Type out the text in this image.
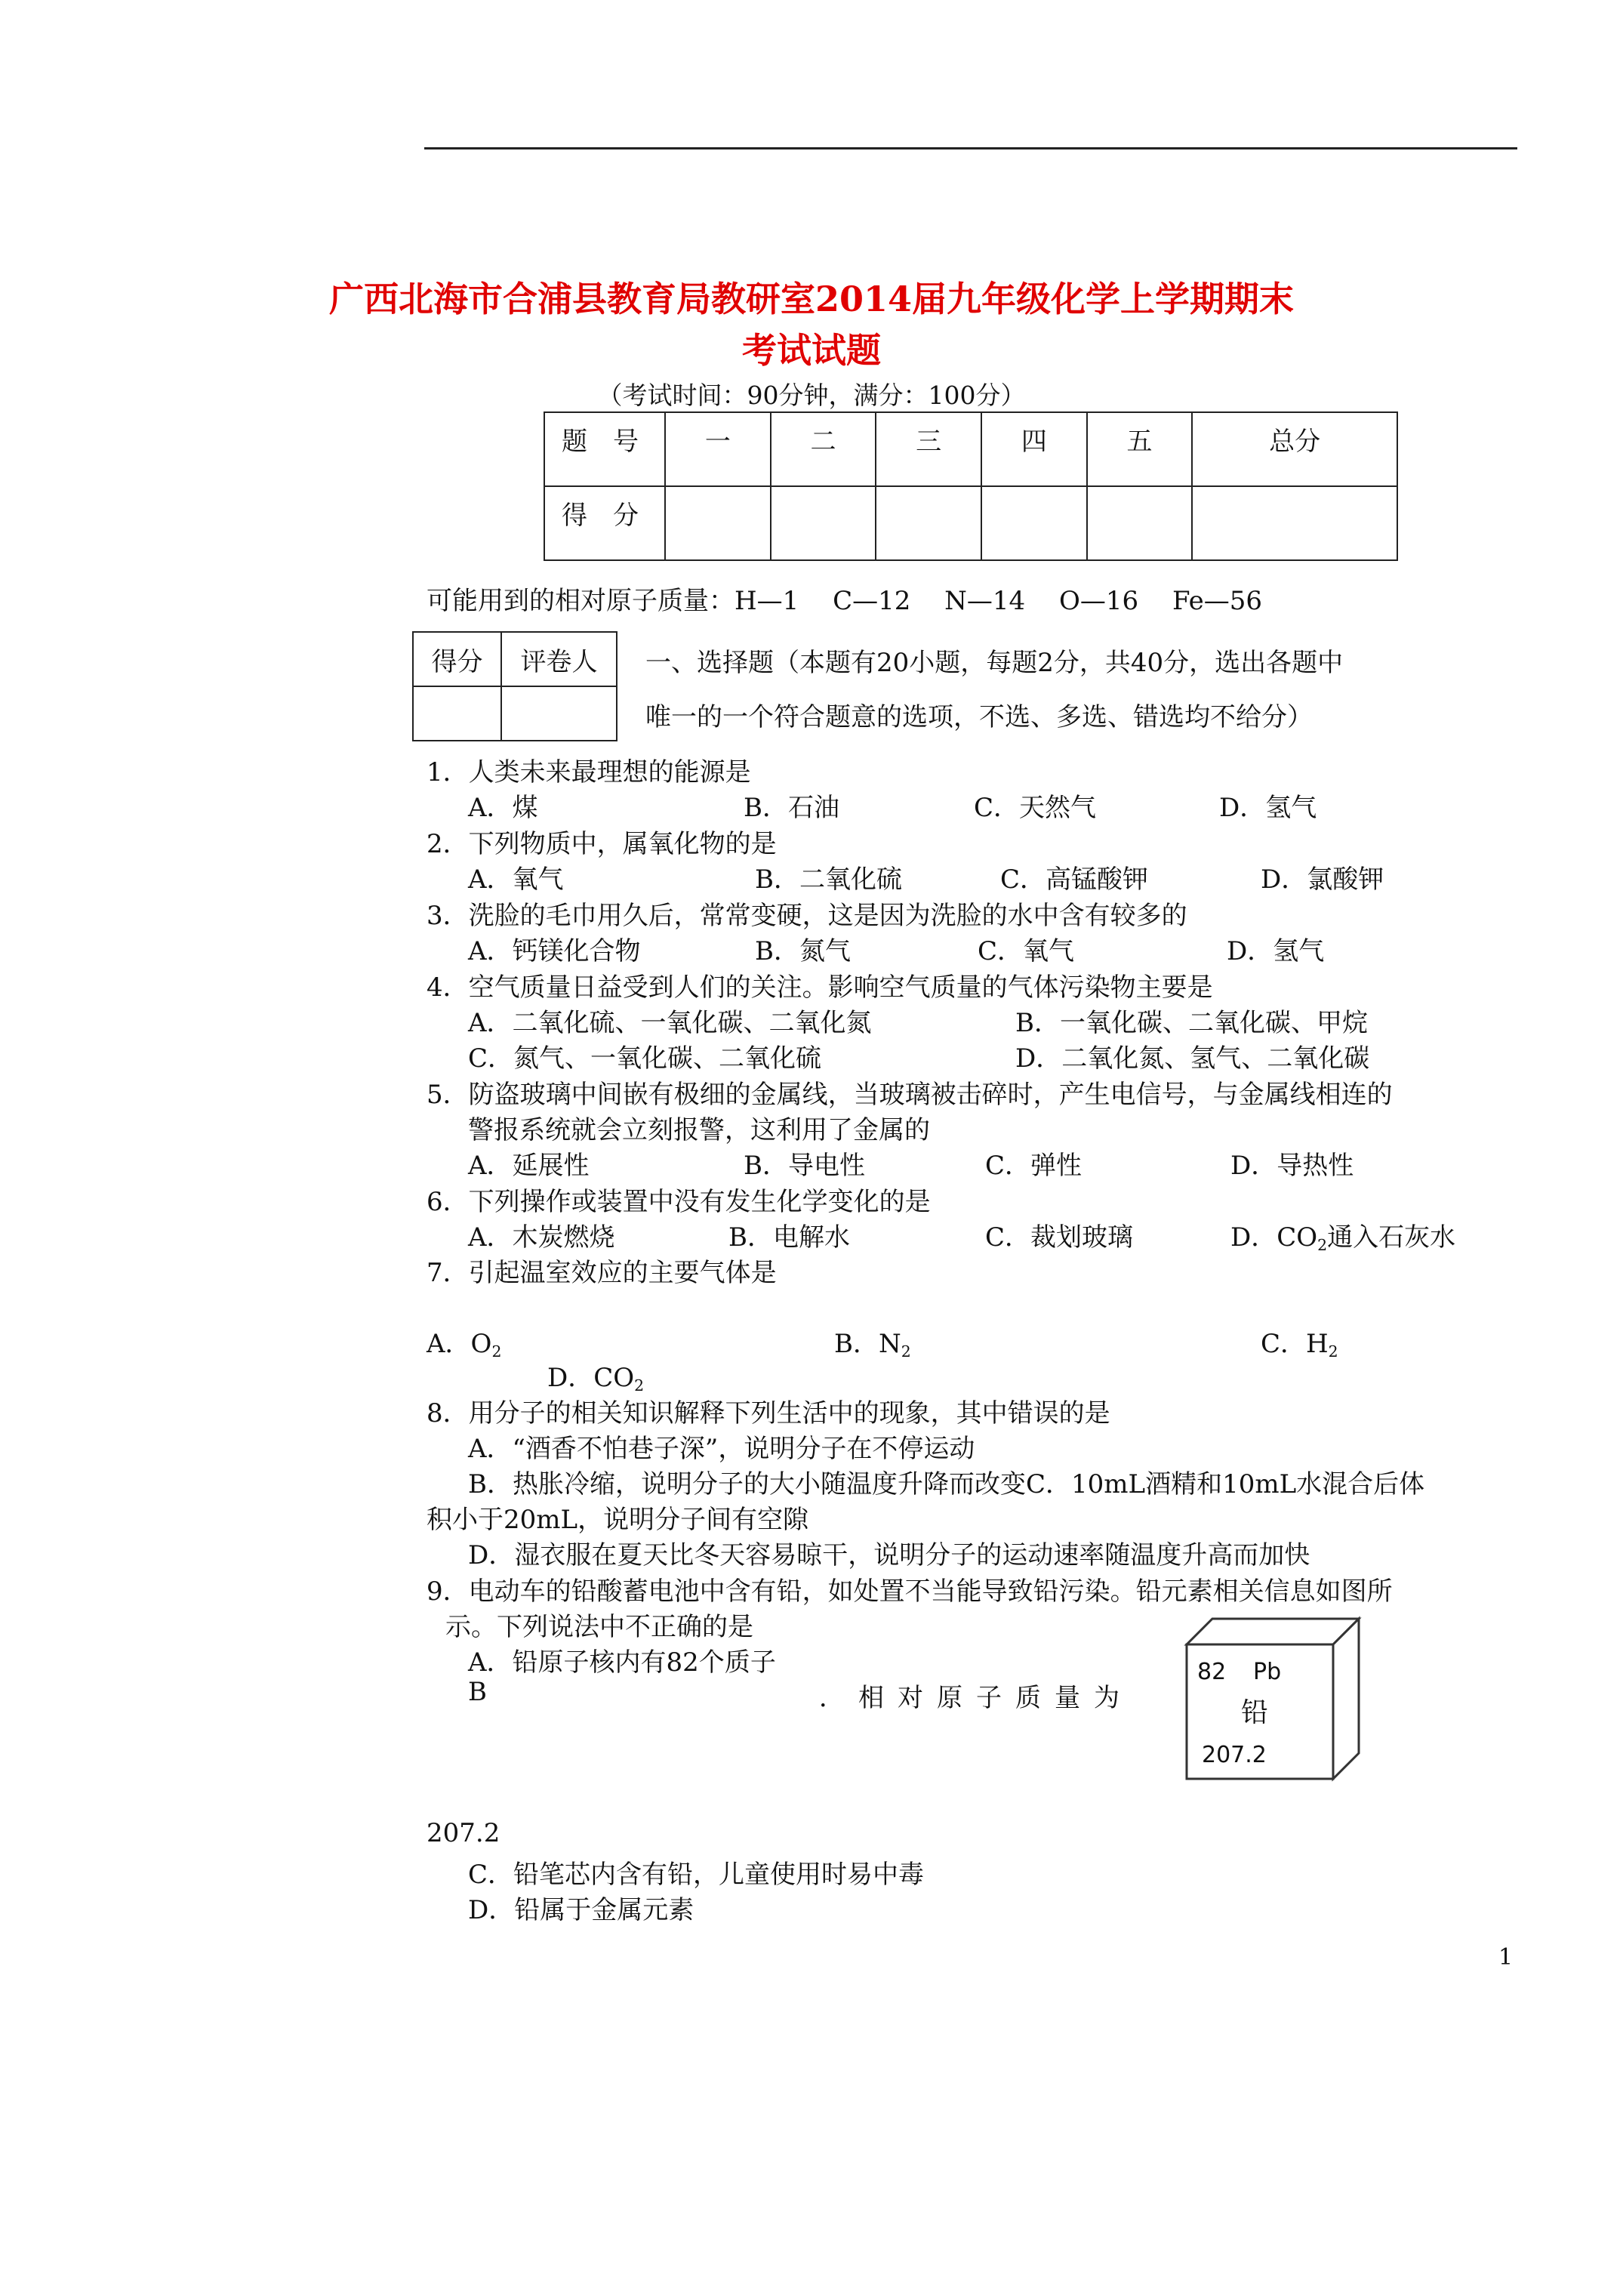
广西北海市合浦县教育局教研室2014届九年级化学上学期期末
考试试题
（考试时间：90分钟，满分：100分）
题　号	一	二	三	四	五	总分
得　分						
可能用到的相对原子质量：H—1　 C—12　 N—14　 O—16　 Fe—56
得分	评卷人
	一、选择题（本题有20小题，每题2分，共40分，选出各题中
唯一的一个符合题意的选项，不选、多选、错选均不给分）
1．人类未来最理想的能源是
A．煤	B．石油	C．天然气	D．氢气
2．下列物质中，属氧化物的是
A．氧气	B．二氧化硫	C．高锰酸钾	D．氯酸钾
3．洗脸的毛巾用久后，常常变硬，这是因为洗脸的水中含有较多的
A．钙镁化合物	B．氮气	C．氧气	D．氢气
4．空气质量日益受到人们的关注。影响空气质量的气体污染物主要是
A．二氧化硫、一氧化碳、二氧化氮	B．一氧化碳、二氧化碳、甲烷
C．氮气、一氧化碳、二氧化硫	D．二氧化氮、氢气、二氧化碳
5．防盗玻璃中间嵌有极细的金属线，当玻璃被击碎时，产生电信号，与金属线相连的
警报系统就会立刻报警，这利用了金属的
A．延展性	B．导电性	C．弹性	D．导热性
6．下列操作或装置中没有发生化学变化的是
A．木炭燃烧	B．电解水	C．裁划玻璃	D．$CO_2$通入石灰水
7．引起温室效应的主要气体是
A．$O_2$	B．$N_2$	C．$H_2$
D．$CO_2$
8．用分子的相关知识解释下列生活中的现象，其中错误的是
A．“酒香不怕巷子深”，说明分子在不停运动
B．热胀冷缩，说明分子的大小随温度升降而改变C．10mL酒精和10mL水混合后体
积小于20mL，说明分子间有空隙
D．湿衣服在夏天比冬天容易晾干，说明分子的运动速率随温度升高而加快
9．电动车的铅酸蓄电池中含有铅，如处置不当能导致铅污染。铅元素相关信息如图所
示。下列说法中不正确的是
A．铅原子核内有82个质子
B	．相对原子质量为
207.2
C．铅笔芯内含有铅，儿童使用时易中毒
D．铅属于金属元素
82 Pb
铅
207.2
1
